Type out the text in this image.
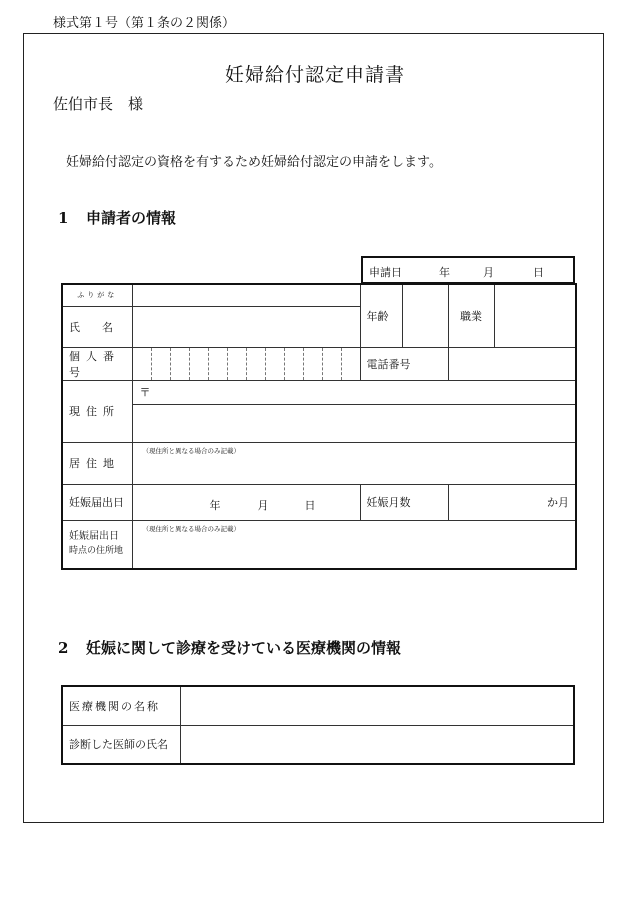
様式第１号（第１条の２関係）
妊婦給付認定申請書
佐伯市長　様
妊婦給付認定の資格を有するため妊婦給付認定の申請をします。
1 申請者の情報
申請日	年	月	日
ふりがな		年齢		職業	
氏　　名					
個人番号		電話番号			
現住所	〒				

居住地	（現住所と異なる場合のみ記載）				

妊娠届出日	年 月 日	妊娠月数		か月	

妊娠届出日
時点の住所地	（現住所と異なる場合のみ記載）				
2 妊娠に関して診療を受けている医療機関の情報
医療機関の名称	
診断した医師の氏名	
